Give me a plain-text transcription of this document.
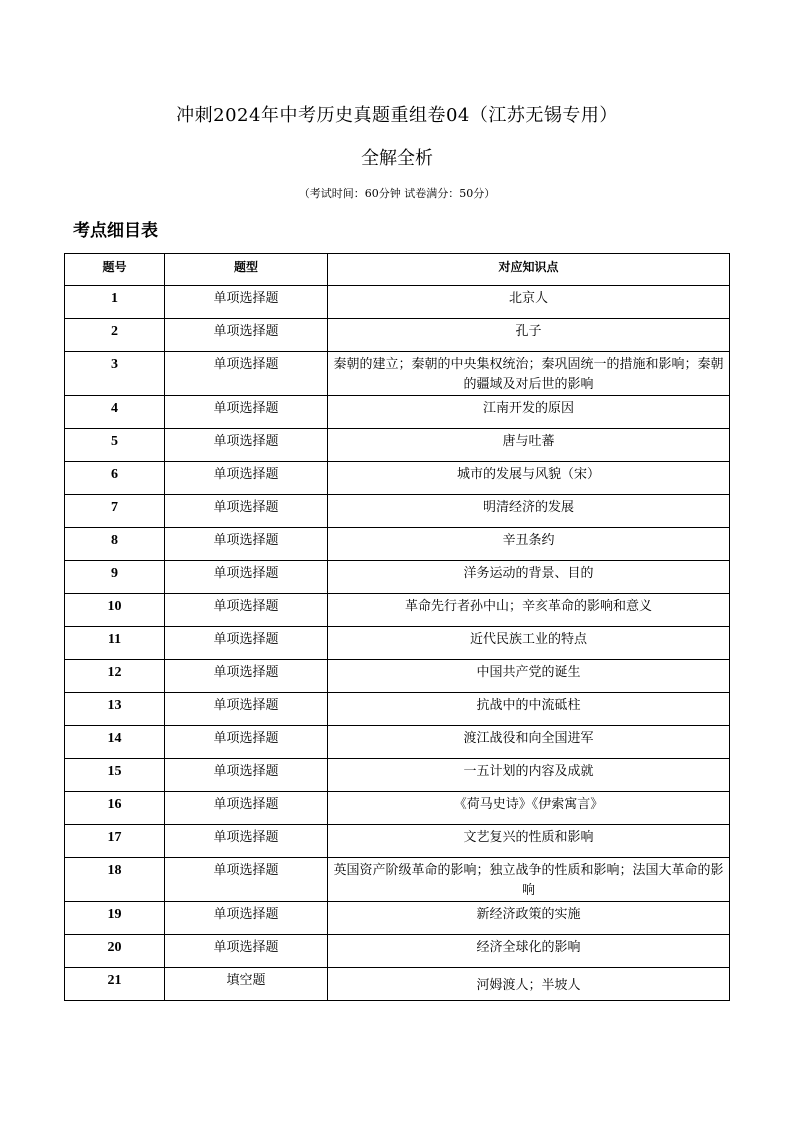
冲刺2024年中考历史真题重组卷04（江苏无锡专用）
全解全析
（考试时间：60分钟 试卷满分：50分）
考点细目表
题号	题型	对应知识点
1	单项选择题	北京人
2	单项选择题	孔子
3	单项选择题	秦朝的建立；秦朝的中央集权统治；秦巩固统一的措施和影响；秦朝的疆域及对后世的影响
4	单项选择题	江南开发的原因
5	单项选择题	唐与吐蕃
6	单项选择题	城市的发展与风貌（宋）
7	单项选择题	明清经济的发展
8	单项选择题	辛丑条约
9	单项选择题	洋务运动的背景、目的
10	单项选择题	革命先行者孙中山；辛亥革命的影响和意义
11	单项选择题	近代民族工业的特点
12	单项选择题	中国共产党的诞生
13	单项选择题	抗战中的中流砥柱
14	单项选择题	渡江战役和向全国进军
15	单项选择题	一五计划的内容及成就
16	单项选择题	《荷马史诗》《伊索寓言》
17	单项选择题	文艺复兴的性质和影响
18	单项选择题	英国资产阶级革命的影响；独立战争的性质和影响；法国大革命的影响
19	单项选择题	新经济政策的实施
20	单项选择题	经济全球化的影响
21	填空题	河姆渡人；半坡人
